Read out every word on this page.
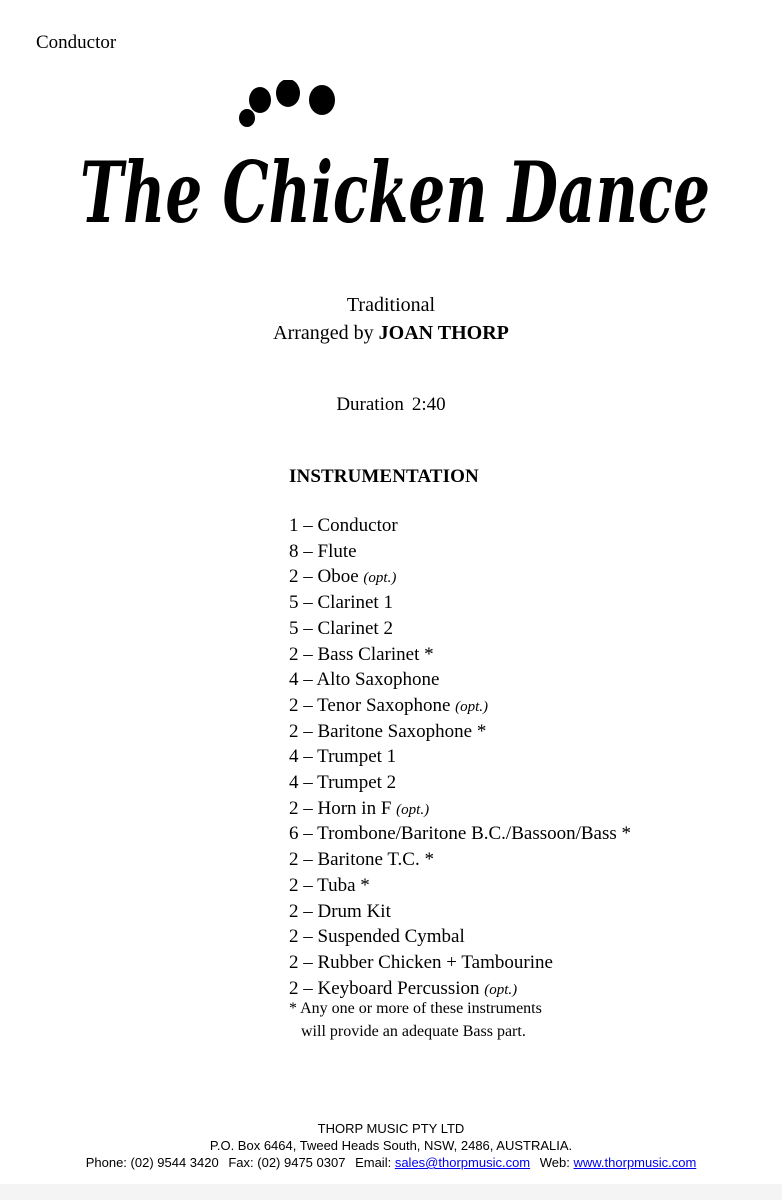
Conductor
The Chicken Dance
Traditional
Arranged by JOAN THORP
Duration 2:40
INSTRUMENTATION
1 – Conductor
8 – Flute
2 – Oboe (opt.)
5 – Clarinet 1
5 – Clarinet 2
2 – Bass Clarinet *
4 – Alto Saxophone
2 – Tenor Saxophone (opt.)
2 – Baritone Saxophone *
4 – Trumpet 1
4 – Trumpet 2
2 – Horn in F (opt.)
6 – Trombone/Baritone B.C./Bassoon/Bass *
2 – Baritone T.C. *
2 – Tuba *
2 – Drum Kit
2 – Suspended Cymbal
2 – Rubber Chicken + Tambourine
2 – Keyboard Percussion (opt.)
* Any one or more of these instruments
will provide an adequate Bass part.
THORP MUSIC PTY LTD
P.O. Box 6464, Tweed Heads South, NSW, 2486, AUSTRALIA.
Phone: (02) 9544 3420 Fax: (02) 9475 0307 Email: sales@thorpmusic.com Web: www.thorpmusic.com
